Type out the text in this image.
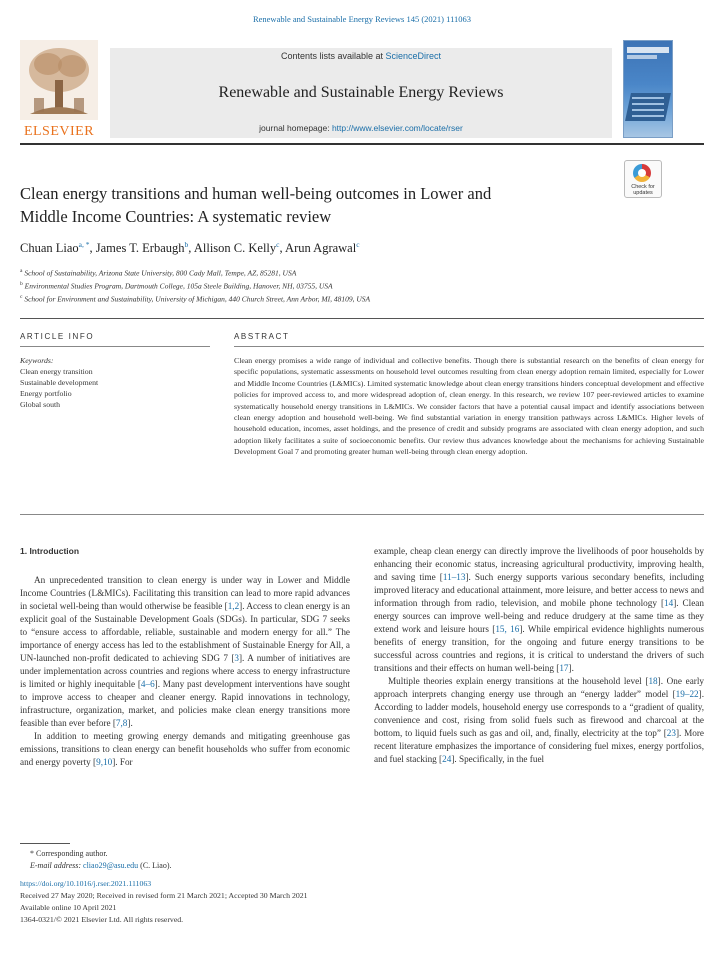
Renewable and Sustainable Energy Reviews 145 (2021) 111063
ELSEVIER
Contents lists available at ScienceDirect
Renewable and Sustainable Energy Reviews
journal homepage: http://www.elsevier.com/locate/rser
Clean energy transitions and human well-being outcomes in Lower and
Middle Income Countries: A systematic review
Check for
updates
Chuan Liao$^{a, *}$, James T. Erbaugh$^b$, Allison C. Kelly$^c$, Arun Agrawal$^c$
$^a$ School of Sustainability, Arizona State University, 800 Cady Mall, Tempe, AZ, 85281, USA
$^b$ Environmental Studies Program, Dartmouth College, 105a Steele Building, Hanover, NH, 03755, USA
$^c$ School for Environment and Sustainability, University of Michigan, 440 Church Street, Ann Arbor, MI, 48109, USA
ARTICLE INFO	ABSTRACT
Keywords:
Clean energy transition
Sustainable development
Energy portfolio
Global south
Clean energy promises a wide range of individual and collective benefits. Though there is substantial research on the benefits of clean energy for specific populations, systematic assessments on household level outcomes resulting from clean energy adoption remain limited, especially for Lower and Middle Income Countries (L&MICs). Limited systematic knowledge about clean energy transitions hinders conceptual development and effective policies for improved access to, and more widespread adoption of, clean energy. In this research, we review 107 peer-reviewed articles to examine systematically household energy transitions in L&MICs. We consider factors that have a potential causal impact and identify associations between clean energy adoption and household well-being. We find substantial variation in energy transition pathways across L&MICs. Higher levels of household education, incomes, asset holdings, and the presence of credit and subsidy programs are associated with clean energy adoption, and such adoption likely facilitates a suite of socioeconomic benefits. Our review thus advances knowledge about the mechanisms for achieving Sustainable Development Goal 7 and promoting greater human well-being through clean energy adoption.

1. Introduction

An unprecedented transition to clean energy is under way in Lower and Middle Income Countries (L&MICs). Facilitating this transition can lead to more rapid advances in societal well-being than would otherwise be feasible [1,2]. Access to clean energy is an explicit goal of the Sustainable Development Goals (SDGs). In particular, SDG 7 seeks to “ensure access to affordable, reliable, sustainable and modern energy for all.” The importance of energy access has led to the establishment of Sustainable Energy for All, a UN-launched non-profit dedicated to achieving SDG 7 [3]. A number of initiatives are under implementation across countries and regions where access to energy infrastructure is limited or highly inequitable [4–6]. Many past development interventions have sought to improve access to cheaper and cleaner energy. Rapid innovations in technology, infrastructure, organization, market, and policies make clean energy transitions more feasible than ever before [7,8].

In addition to meeting growing energy demands and mitigating greenhouse gas emissions, transitions to clean energy can benefit households who suffer from economic and energy poverty [9,10]. For

example, cheap clean energy can directly improve the livelihoods of poor households by enhancing their economic status, increasing agricultural productivity, improving health, and saving time [11–13]. Such energy supports various secondary benefits, including improved literacy and educational attainment, more leisure, and better access to news and information through from radio, television, and mobile phone technology [14]. Clean energy sources can improve well-being and reduce drudgery at the same time as they extend work and leisure hours [15, 16]. While empirical evidence highlights numerous benefits of energy transition, for the ongoing and future energy transitions to be successful across countries and regions, it is critical to understand the drivers of such transitions and their effects on human well-being [17].

Multiple theories explain energy transitions at the household level [18]. One early approach interprets changing energy use through an “energy ladder” model [19–22]. According to ladder models, household energy use corresponds to a “gradient of quality, convenience and cost, rising from solid fuels such as firewood and charcoal at the bottom, to liquid fuels such as gas and oil, and, finally, electricity at the top” [23]. More recent literature emphasizes the importance of considering fuel mixes, energy portfolios, and fuel stacking [24]. Specifically, in the fuel

* Corresponding author.
E-mail address: cliao29@asu.edu (C. Liao).
https://doi.org/10.1016/j.rser.2021.111063
Received 27 May 2020; Received in revised form 21 March 2021; Accepted 30 March 2021
Available online 10 April 2021
1364-0321/© 2021 Elsevier Ltd. All rights reserved.
